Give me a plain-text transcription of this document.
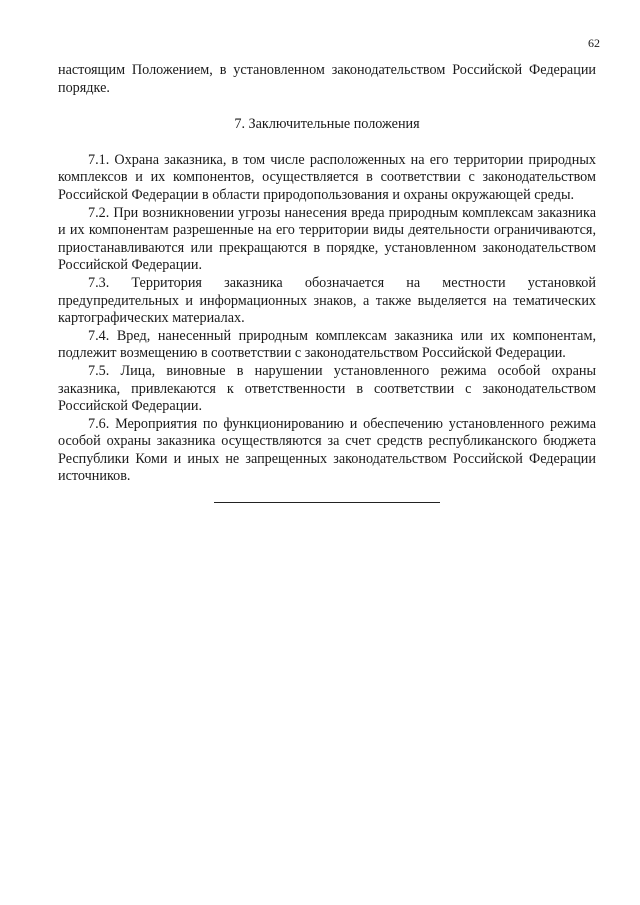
62

настоящим Положением, в установленном законодательством Российской Федерации порядке.

7. Заключительные положения

7.1. Охрана заказника, в том числе расположенных на его территории природных комплексов и их компонентов, осуществляется в соответствии с законодательством Российской Федерации в области природопользования и охраны окружающей среды.

7.2. При возникновении угрозы нанесения вреда природным комплексам заказника и их компонентам разрешенные на его территории виды деятельности ограничиваются, приостанавливаются или прекращаются в порядке, установленном законодательством Российской Федерации.

7.3. Территория заказника обозначается на местности установкой предупредительных и информационных знаков, а также выделяется на тематических картографических материалах.

7.4. Вред, нанесенный природным комплексам заказника или их компонентам, подлежит возмещению в соответствии с законодательством Российской Федерации.

7.5. Лица, виновные в нарушении установленного режима особой охраны заказника, привлекаются к ответственности в соответствии с законодательством Российской Федерации.

7.6. Мероприятия по функционированию и обеспечению установленного режима особой охраны заказника осуществляются за счет средств республиканского бюджета Республики Коми и иных не запрещенных законодательством Российской Федерации источников.
